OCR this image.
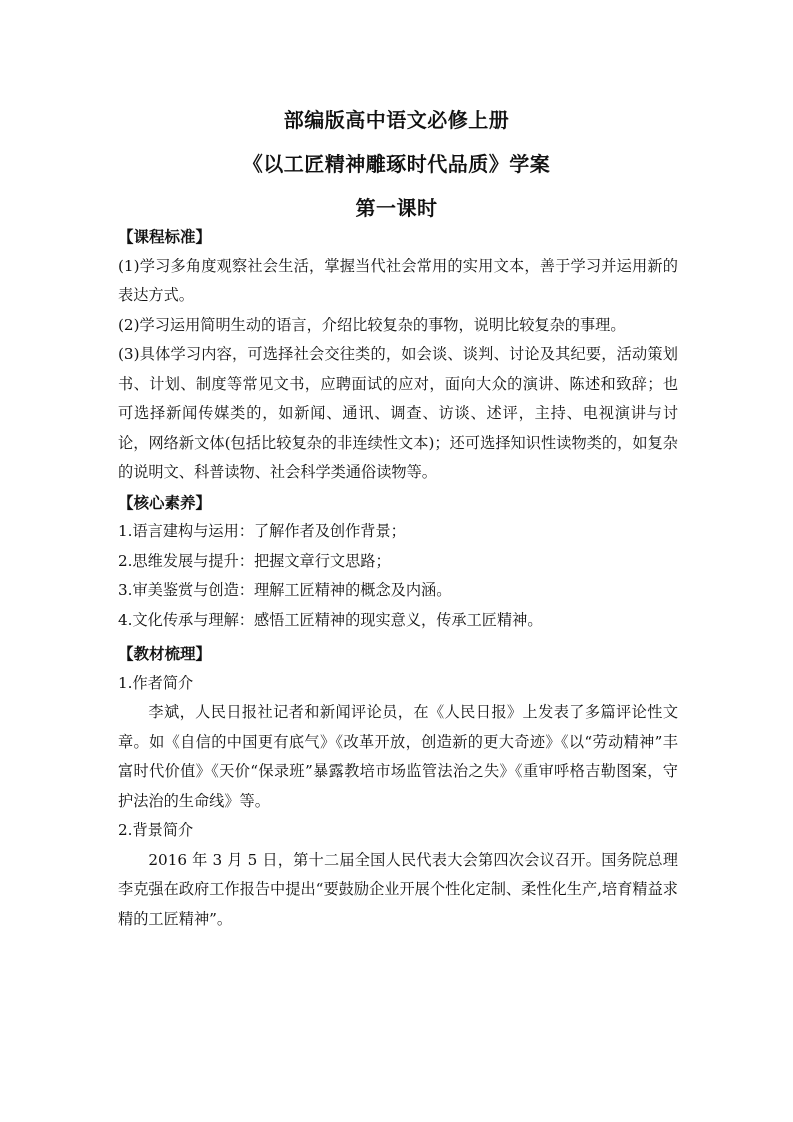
部编版高中语文必修上册
《以工匠精神雕琢时代品质》学案
第一课时

【课程标准】

(1)学习多角度观察社会生活，掌握当代社会常用的实用文本，善于学习并运用新的表达方式。

(2)学习运用简明生动的语言，介绍比较复杂的事物，说明比较复杂的事理。

(3)具体学习内容，可选择社会交往类的，如会谈、谈判、讨论及其纪要，活动策划书、计划、制度等常见文书，应聘面试的应对，面向大众的演讲、陈述和致辞；也可选择新闻传媒类的，如新闻、通讯、调查、访谈、述评，主持、电视演讲与讨论，网络新文体(包括比较复杂的非连续性文本)；还可选择知识性读物类的，如复杂的说明文、科普读物、社会科学类通俗读物等。

【核心素养】

1.语言建构与运用：了解作者及创作背景；

2.思维发展与提升：把握文章行文思路；

3.审美鉴赏与创造：理解工匠精神的概念及内涵。

4.文化传承与理解：感悟工匠精神的现实意义，传承工匠精神。

【教材梳理】

1.作者简介

李斌，人民日报社记者和新闻评论员，在《人民日报》上发表了多篇评论性文章。如《自信的中国更有底气》《改革开放，创造新的更大奇迹》《以“劳动精神”丰富时代价值》《天价“保录班”暴露教培市场监管法治之失》《重审呼格吉勒图案，守护法治的生命线》等。

2.背景简介

2016 年 3 月 5 日，第十二届全国人民代表大会第四次会议召开。国务院总理李克强在政府工作报告中提出“要鼓励企业开展个性化定制、柔性化生产,培育精益求精的工匠精神”。
